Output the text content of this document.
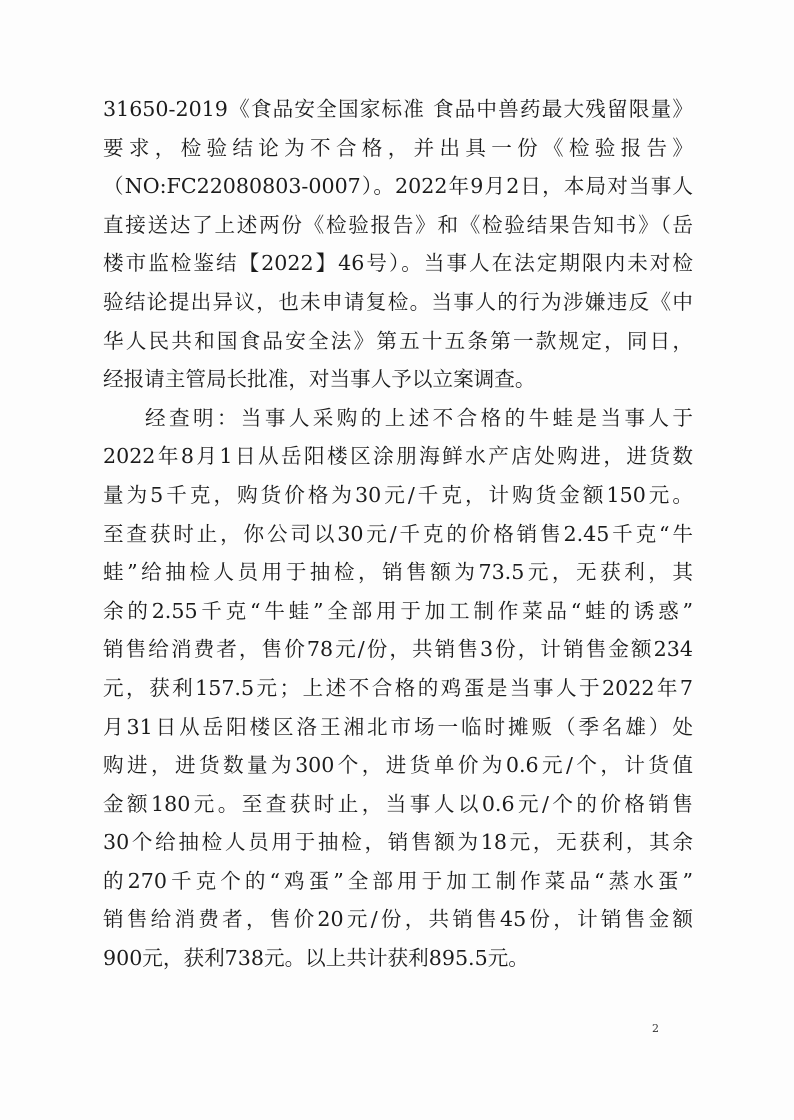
31650-2019《食品安全国家标准 食品中兽药最大残留限量》
要求，检验结论为不合格，并出具一份《检验报告》
（NO:FC22080803-0007）。2022年9月2日，本局对当事人
直接送达了上述两份《检验报告》和《检验结果告知书》（岳
楼市监检鉴结【2022】46号）。当事人在法定期限内未对检
验结论提出异议，也未申请复检。当事人的行为涉嫌违反《中
华人民共和国食品安全法》第五十五条第一款规定，同日，
经报请主管局长批准，对当事人予以立案调查。
经查明：当事人采购的上述不合格的牛蛙是当事人于
2022年8月1日从岳阳楼区涂朋海鲜水产店处购进，进货数
量为5千克，购货价格为30元/千克，计购货金额150元。
至查获时止，你公司以30元/千克的价格销售2.45千克“牛
蛙”给抽检人员用于抽检，销售额为73.5元，无获利，其
余的2.55千克“牛蛙”全部用于加工制作菜品“蛙的诱惑”
销售给消费者，售价78元/份，共销售3份，计销售金额234
元，获利157.5元；上述不合格的鸡蛋是当事人于2022年7
月31日从岳阳楼区洛王湘北市场一临时摊贩（季名雄）处
购进，进货数量为300个，进货单价为0.6元/个，计货值
金额180元。至查获时止，当事人以0.6元/个的价格销售
30个给抽检人员用于抽检，销售额为18元，无获利，其余
的270千克个的“鸡蛋”全部用于加工制作菜品“蒸水蛋”
销售给消费者，售价20元/份，共销售45份，计销售金额
900元，获利738元。以上共计获利895.5元。
2
